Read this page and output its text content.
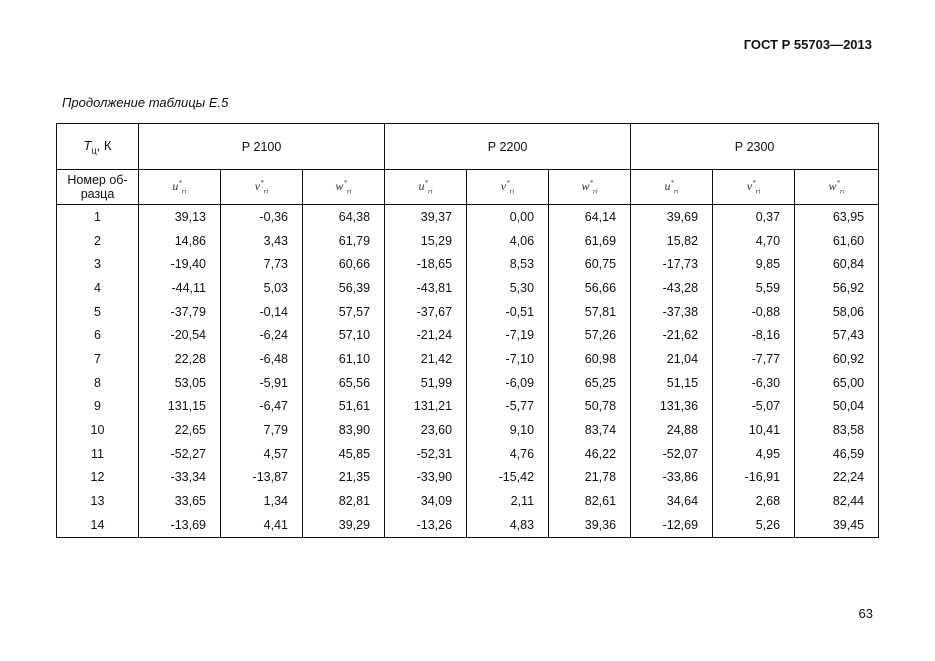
ГОСТ Р 55703—2013
Продолжение таблицы Е.5
$T_ц$, К	Р 2100			Р 2200			Р 2300		
Номер об-
разца	$u^*_{ri}$	$v^*_{ri}$	$w^*_{ri}$	$u^*_{ri}$	$v^*_{ri}$	$w^*_{ri}$	$u^*_{ri}$	$v^*_{ri}$	$w^*_{ri}$
1	39,13	-0,36	64,38	39,37	0,00	64,14	39,69	0,37	63,95
2	14,86	3,43	61,79	15,29	4,06	61,69	15,82	4,70	61,60
3	-19,40	7,73	60,66	-18,65	8,53	60,75	-17,73	9,85	60,84
4	-44,11	5,03	56,39	-43,81	5,30	56,66	-43,28	5,59	56,92
5	-37,79	-0,14	57,57	-37,67	-0,51	57,81	-37,38	-0,88	58,06
6	-20,54	-6,24	57,10	-21,24	-7,19	57,26	-21,62	-8,16	57,43
7	22,28	-6,48	61,10	21,42	-7,10	60,98	21,04	-7,77	60,92
8	53,05	-5,91	65,56	51,99	-6,09	65,25	51,15	-6,30	65,00
9	131,15	-6,47	51,61	131,21	-5,77	50,78	131,36	-5,07	50,04
10	22,65	7,79	83,90	23,60	9,10	83,74	24,88	10,41	83,58
11	-52,27	4,57	45,85	-52,31	4,76	46,22	-52,07	4,95	46,59
12	-33,34	-13,87	21,35	-33,90	-15,42	21,78	-33,86	-16,91	22,24
13	33,65	1,34	82,81	34,09	2,11	82,61	34,64	2,68	82,44
14	-13,69	4,41	39,29	-13,26	4,83	39,36	-12,69	5,26	39,45
63
